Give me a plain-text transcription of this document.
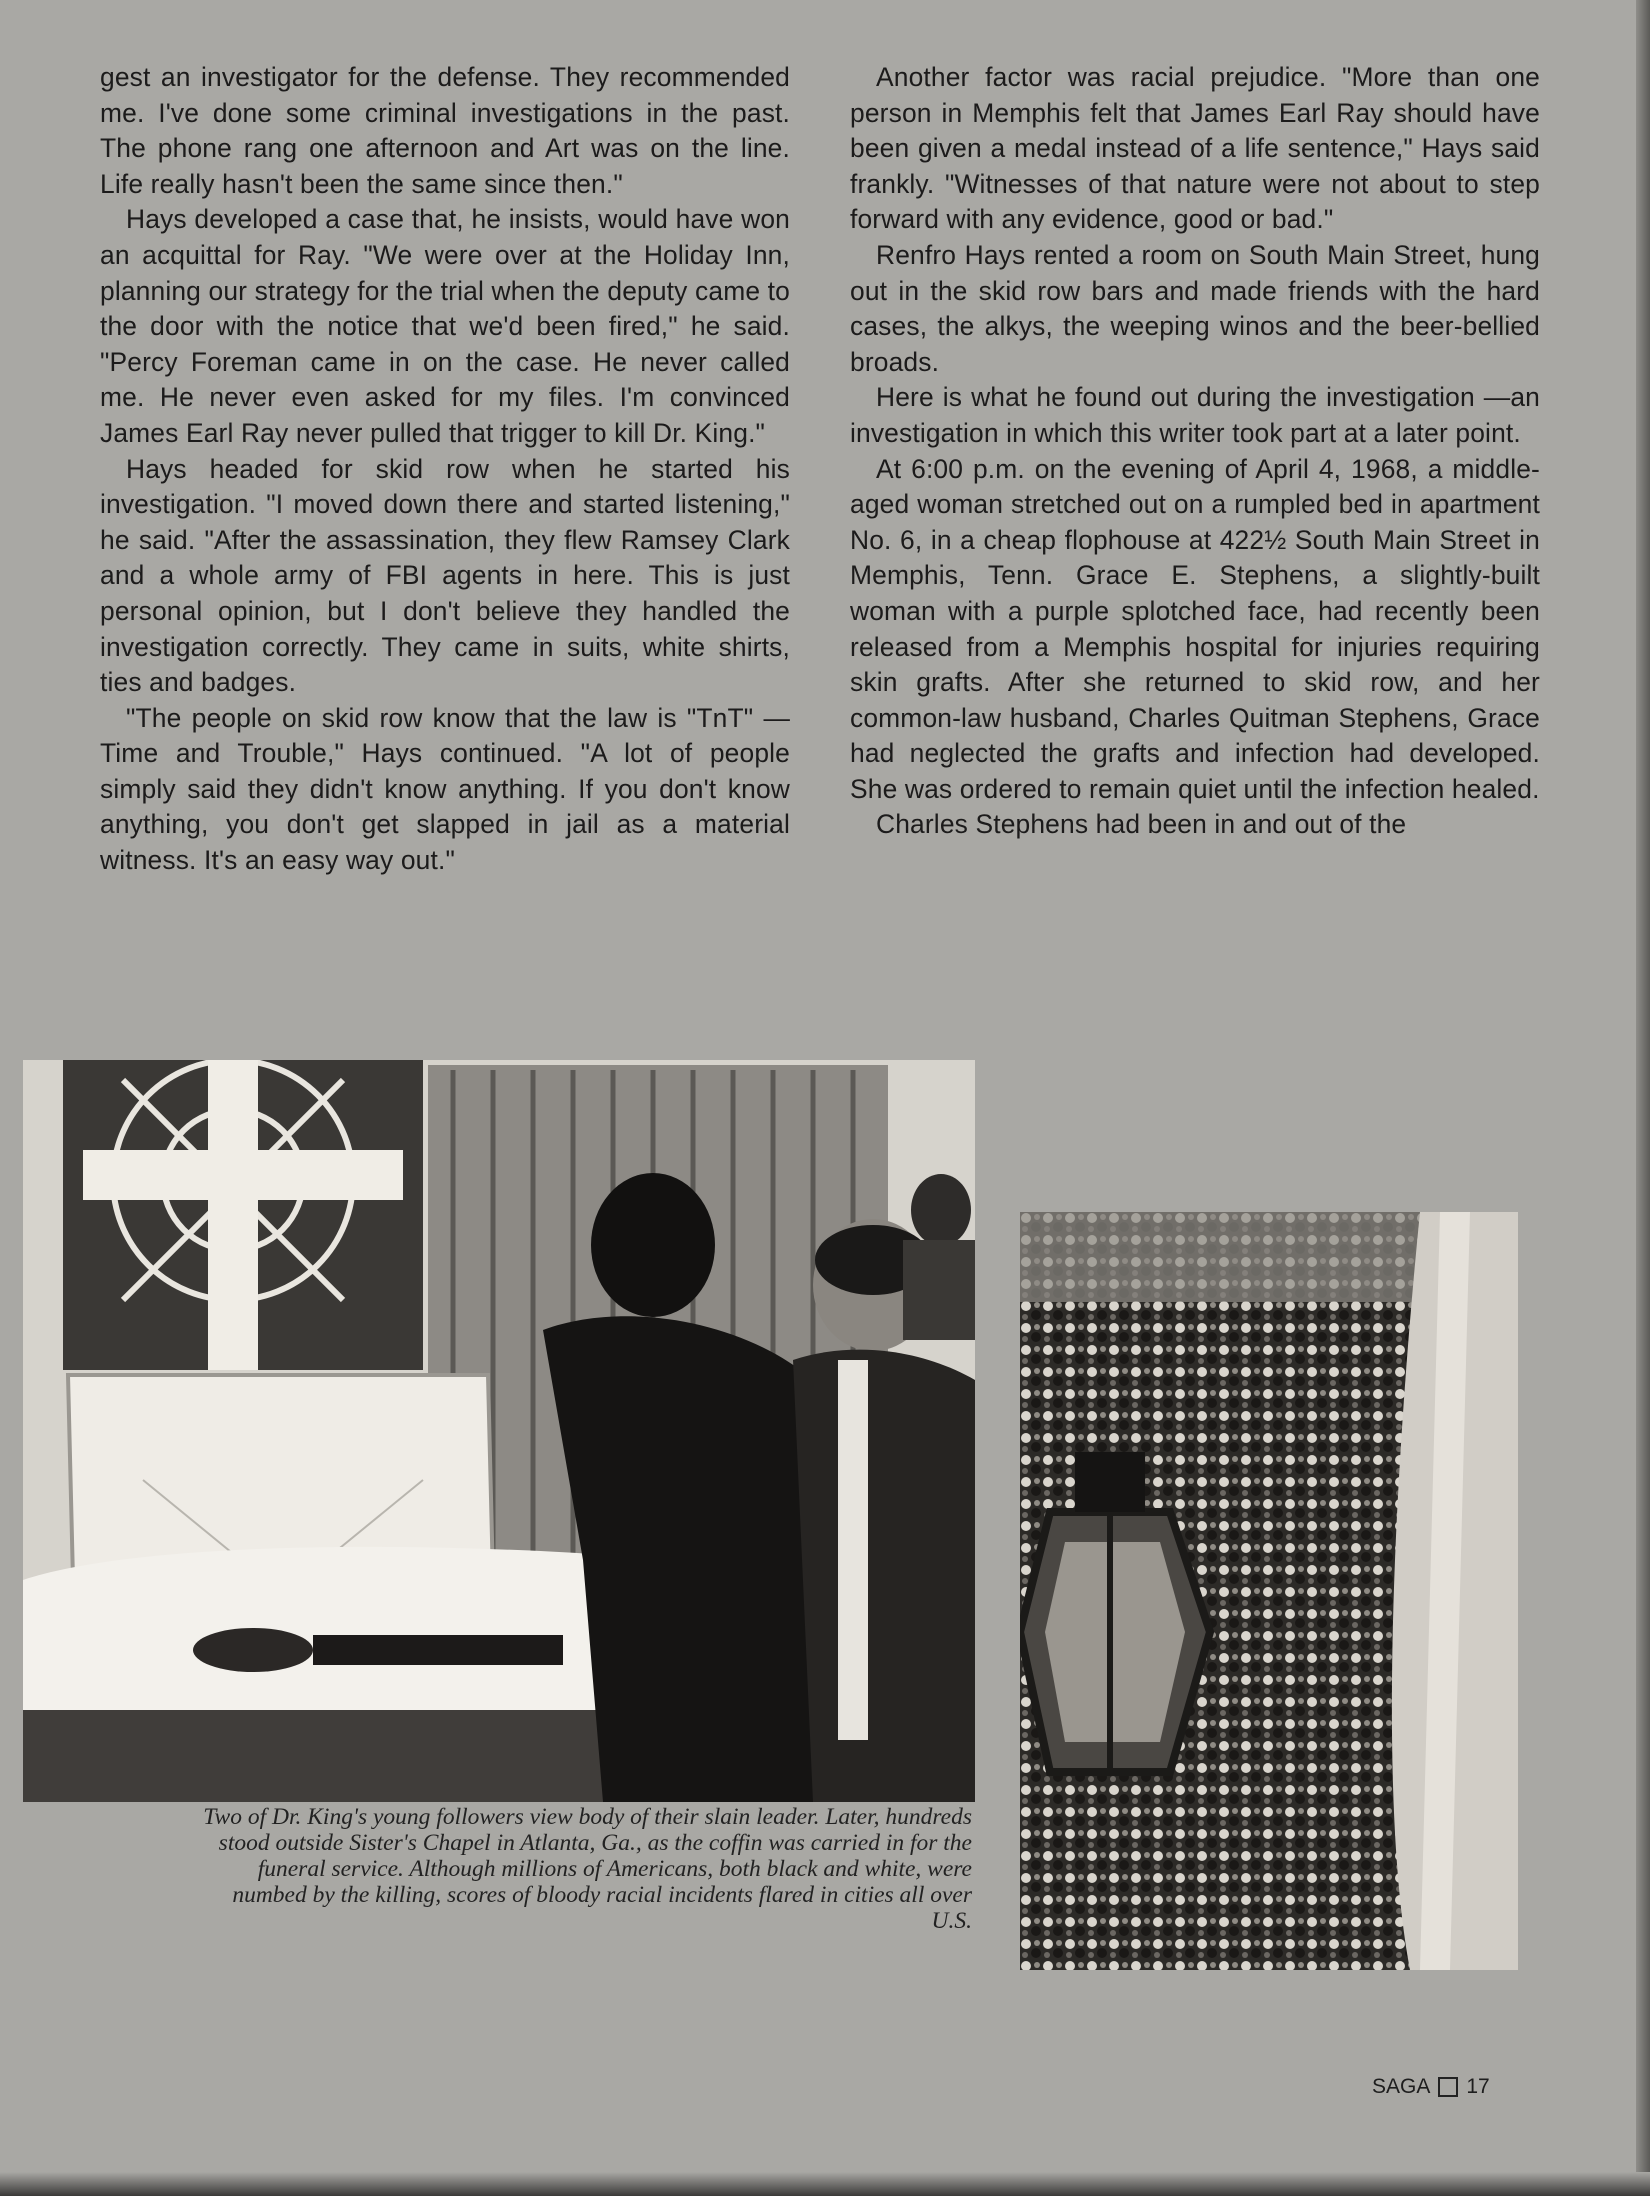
gest an investigator for the defense. They recommended me. I've done some criminal investigations in the past. The phone rang one afternoon and Art was on the line. Life really hasn't been the same since then."

Hays developed a case that, he insists, would have won an acquittal for Ray. "We were over at the Holiday Inn, planning our strategy for the trial when the deputy came to the door with the notice that we'd been fired," he said. "Percy Foreman came in on the case. He never called me. He never even asked for my files. I'm convinced James Earl Ray never pulled that trigger to kill Dr. King."

Hays headed for skid row when he started his investigation. "I moved down there and started listening," he said. "After the assassination, they flew Ramsey Clark and a whole army of FBI agents in here. This is just personal opinion, but I don't believe they handled the investigation correctly. They came in suits, white shirts, ties and badges.

"The people on skid row know that the law is "TnT" —Time and Trouble," Hays continued. "A lot of people simply said they didn't know anything. If you don't know anything, you don't get slapped in jail as a material witness. It's an easy way out."

Another factor was racial prejudice. "More than one person in Memphis felt that James Earl Ray should have been given a medal instead of a life sentence," Hays said frankly. "Witnesses of that nature were not about to step forward with any evidence, good or bad."

Renfro Hays rented a room on South Main Street, hung out in the skid row bars and made friends with the hard cases, the alkys, the weeping winos and the beer-bellied broads.

Here is what he found out during the investigation —an investigation in which this writer took part at a later point.

At 6:00 p.m. on the evening of April 4, 1968, a middle-aged woman stretched out on a rumpled bed in apartment No. 6, in a cheap flophouse at 422½ South Main Street in Memphis, Tenn. Grace E. Stephens, a slightly-built woman with a purple splotched face, had recently been released from a Memphis hospital for injuries requiring skin grafts. After she returned to skid row, and her common-law husband, Charles Quitman Stephens, Grace had neglected the grafts and infection had developed. She was ordered to remain quiet until the infection healed.

Charles Stephens had been in and out of the

Two of Dr. King's young followers view body of their slain leader. Later, hundreds stood outside Sister's Chapel in Atlanta, Ga., as the coffin was carried in for the funeral service. Although millions of Americans, both black and white, were numbed by the killing, scores of bloody racial incidents flared in cities all over U.S.
SAGA 17
